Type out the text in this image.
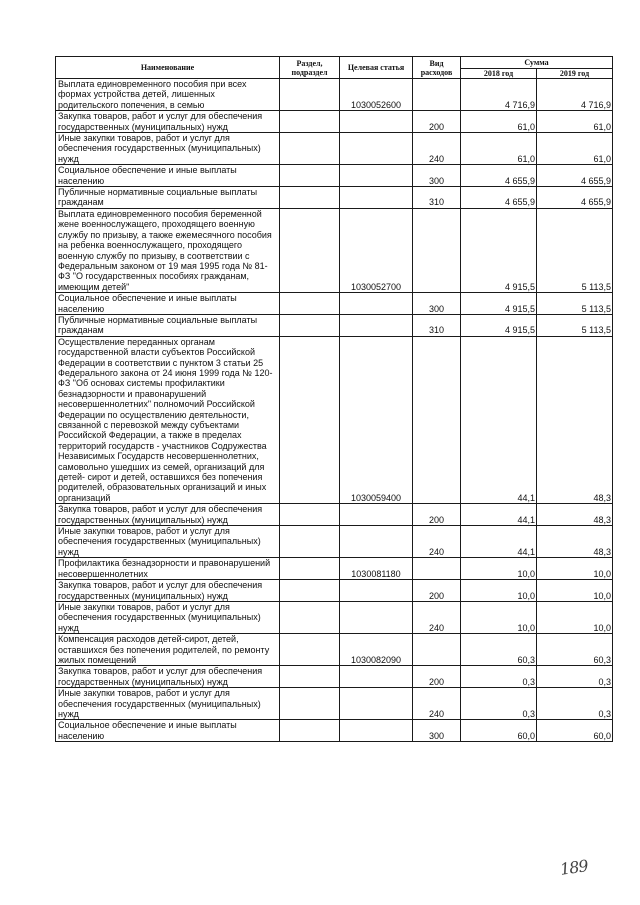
Наименование	Раздел, подраздел	Целевая статья	Вид расходов	Сумма	
				2018 год	2019 год
Выплата единовременного пособия при всех формах устройства детей, лишенных родительского попечения, в семью		1030052600		4 716,9	4 716,9
Закупка товаров, работ и услуг для обеспечения государственных (муниципальных) нужд			200	61,0	61,0
Иные закупки товаров, работ и услуг для обеспечения государственных (муниципальных) нужд			240	61,0	61,0
Социальное обеспечение и иные выплаты населению			300	4 655,9	4 655,9
Публичные нормативные социальные выплаты гражданам			310	4 655,9	4 655,9
Выплата единовременного пособия беременной жене военнослужащего, проходящего военную службу по призыву, а также ежемесячного пособия на ребенка военнослужащего, проходящего военную службу по призыву, в соответствии с Федеральным законом от 19 мая 1995 года № 81-ФЗ "О государственных пособиях гражданам, имеющим детей"		1030052700		4 915,5	5 113,5
Социальное обеспечение и иные выплаты населению			300	4 915,5	5 113,5
Публичные нормативные социальные выплаты гражданам			310	4 915,5	5 113,5
Осуществление переданных органам государственной власти субъектов Российской Федерации в соответствии с пунктом 3 статьи 25 Федерального закона от 24 июня 1999 года № 120-ФЗ "Об основах системы профилактики безнадзорности и правонарушений несовершеннолетних" полномочий Российской Федерации по осуществлению деятельности, связанной с перевозкой между субъектами Российской Федерации, а также в пределах территорий государств - участников Содружества Независимых Государств несовершеннолетних, самовольно ушедших из семей, организаций для детей- сирот и детей, оставшихся без попечения родителей, образовательных организаций и иных организаций		1030059400		44,1	48,3
Закупка товаров, работ и услуг для обеспечения государственных (муниципальных) нужд			200	44,1	48,3
Иные закупки товаров, работ и услуг для обеспечения государственных (муниципальных) нужд			240	44,1	48,3
Профилактика безнадзорности и правонарушений несовершеннолетних		1030081180		10,0	10,0
Закупка товаров, работ и услуг для обеспечения государственных (муниципальных) нужд			200	10,0	10,0
Иные закупки товаров, работ и услуг для обеспечения государственных (муниципальных) нужд			240	10,0	10,0
Компенсация расходов детей-сирот, детей, оставшихся без попечения родителей, по ремонту жилых помещений		1030082090		60,3	60,3
Закупка товаров, работ и услуг для обеспечения государственных (муниципальных) нужд			200	0,3	0,3
Иные закупки товаров, работ и услуг для обеспечения государственных (муниципальных) нужд			240	0,3	0,3
Социальное обеспечение и иные выплаты населению			300	60,0	60,0
189
